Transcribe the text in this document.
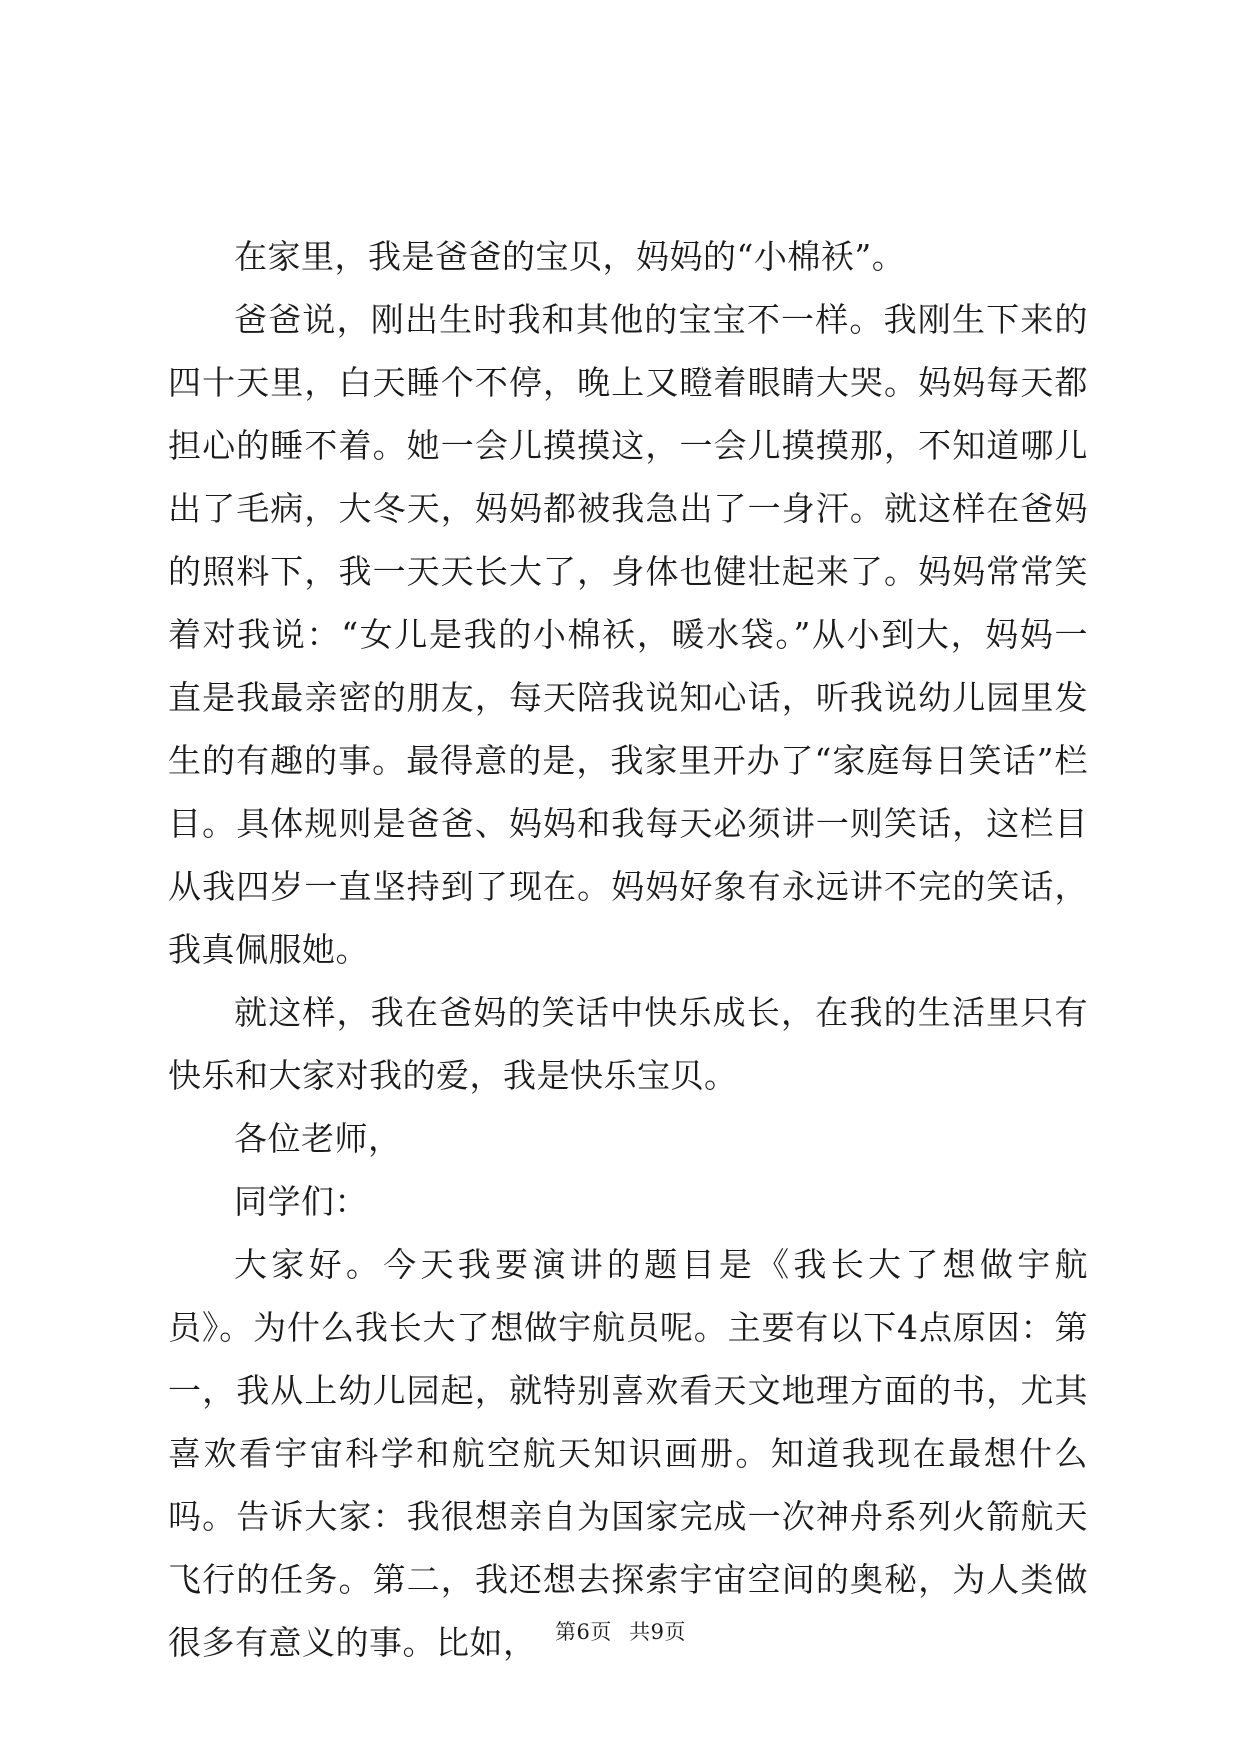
在家里，我是爸爸的宝贝，妈妈的“小棉袄”。

爸爸说，刚出生时我和其他的宝宝不一样。我刚生下来的四十天里，白天睡个不停，晚上又瞪着眼睛大哭。妈妈每天都担心的睡不着。她一会儿摸摸这，一会儿摸摸那，不知道哪儿出了毛病，大冬天，妈妈都被我急出了一身汗。就这样在爸妈的照料下，我一天天长大了，身体也健壮起来了。妈妈常常笑着对我说：“女儿是我的小棉袄，暖水袋。”从小到大，妈妈一直是我最亲密的朋友，每天陪我说知心话，听我说幼儿园里发生的有趣的事。最得意的是，我家里开办了“家庭每日笑话”栏目。具体规则是爸爸、妈妈和我每天必须讲一则笑话，这栏目从我四岁一直坚持到了现在。妈妈好象有永远讲不完的笑话，我真佩服她。

就这样，我在爸妈的笑话中快乐成长，在我的生活里只有快乐和大家对我的爱，我是快乐宝贝。

各位老师，

同学们：

大家好。今天我要演讲的题目是《我长大了想做宇航员》。为什么我长大了想做宇航员呢。主要有以下4点原因：第一，我从上幼儿园起，就特别喜欢看天文地理方面的书，尤其喜欢看宇宙科学和航空航天知识画册。知道我现在最想什么吗。告诉大家：我很想亲自为国家完成一次神舟系列火箭航天飞行的任务。第二，我还想去探索宇宙空间的奥秘，为人类做很多有意义的事。比如， 第6页 共9页
